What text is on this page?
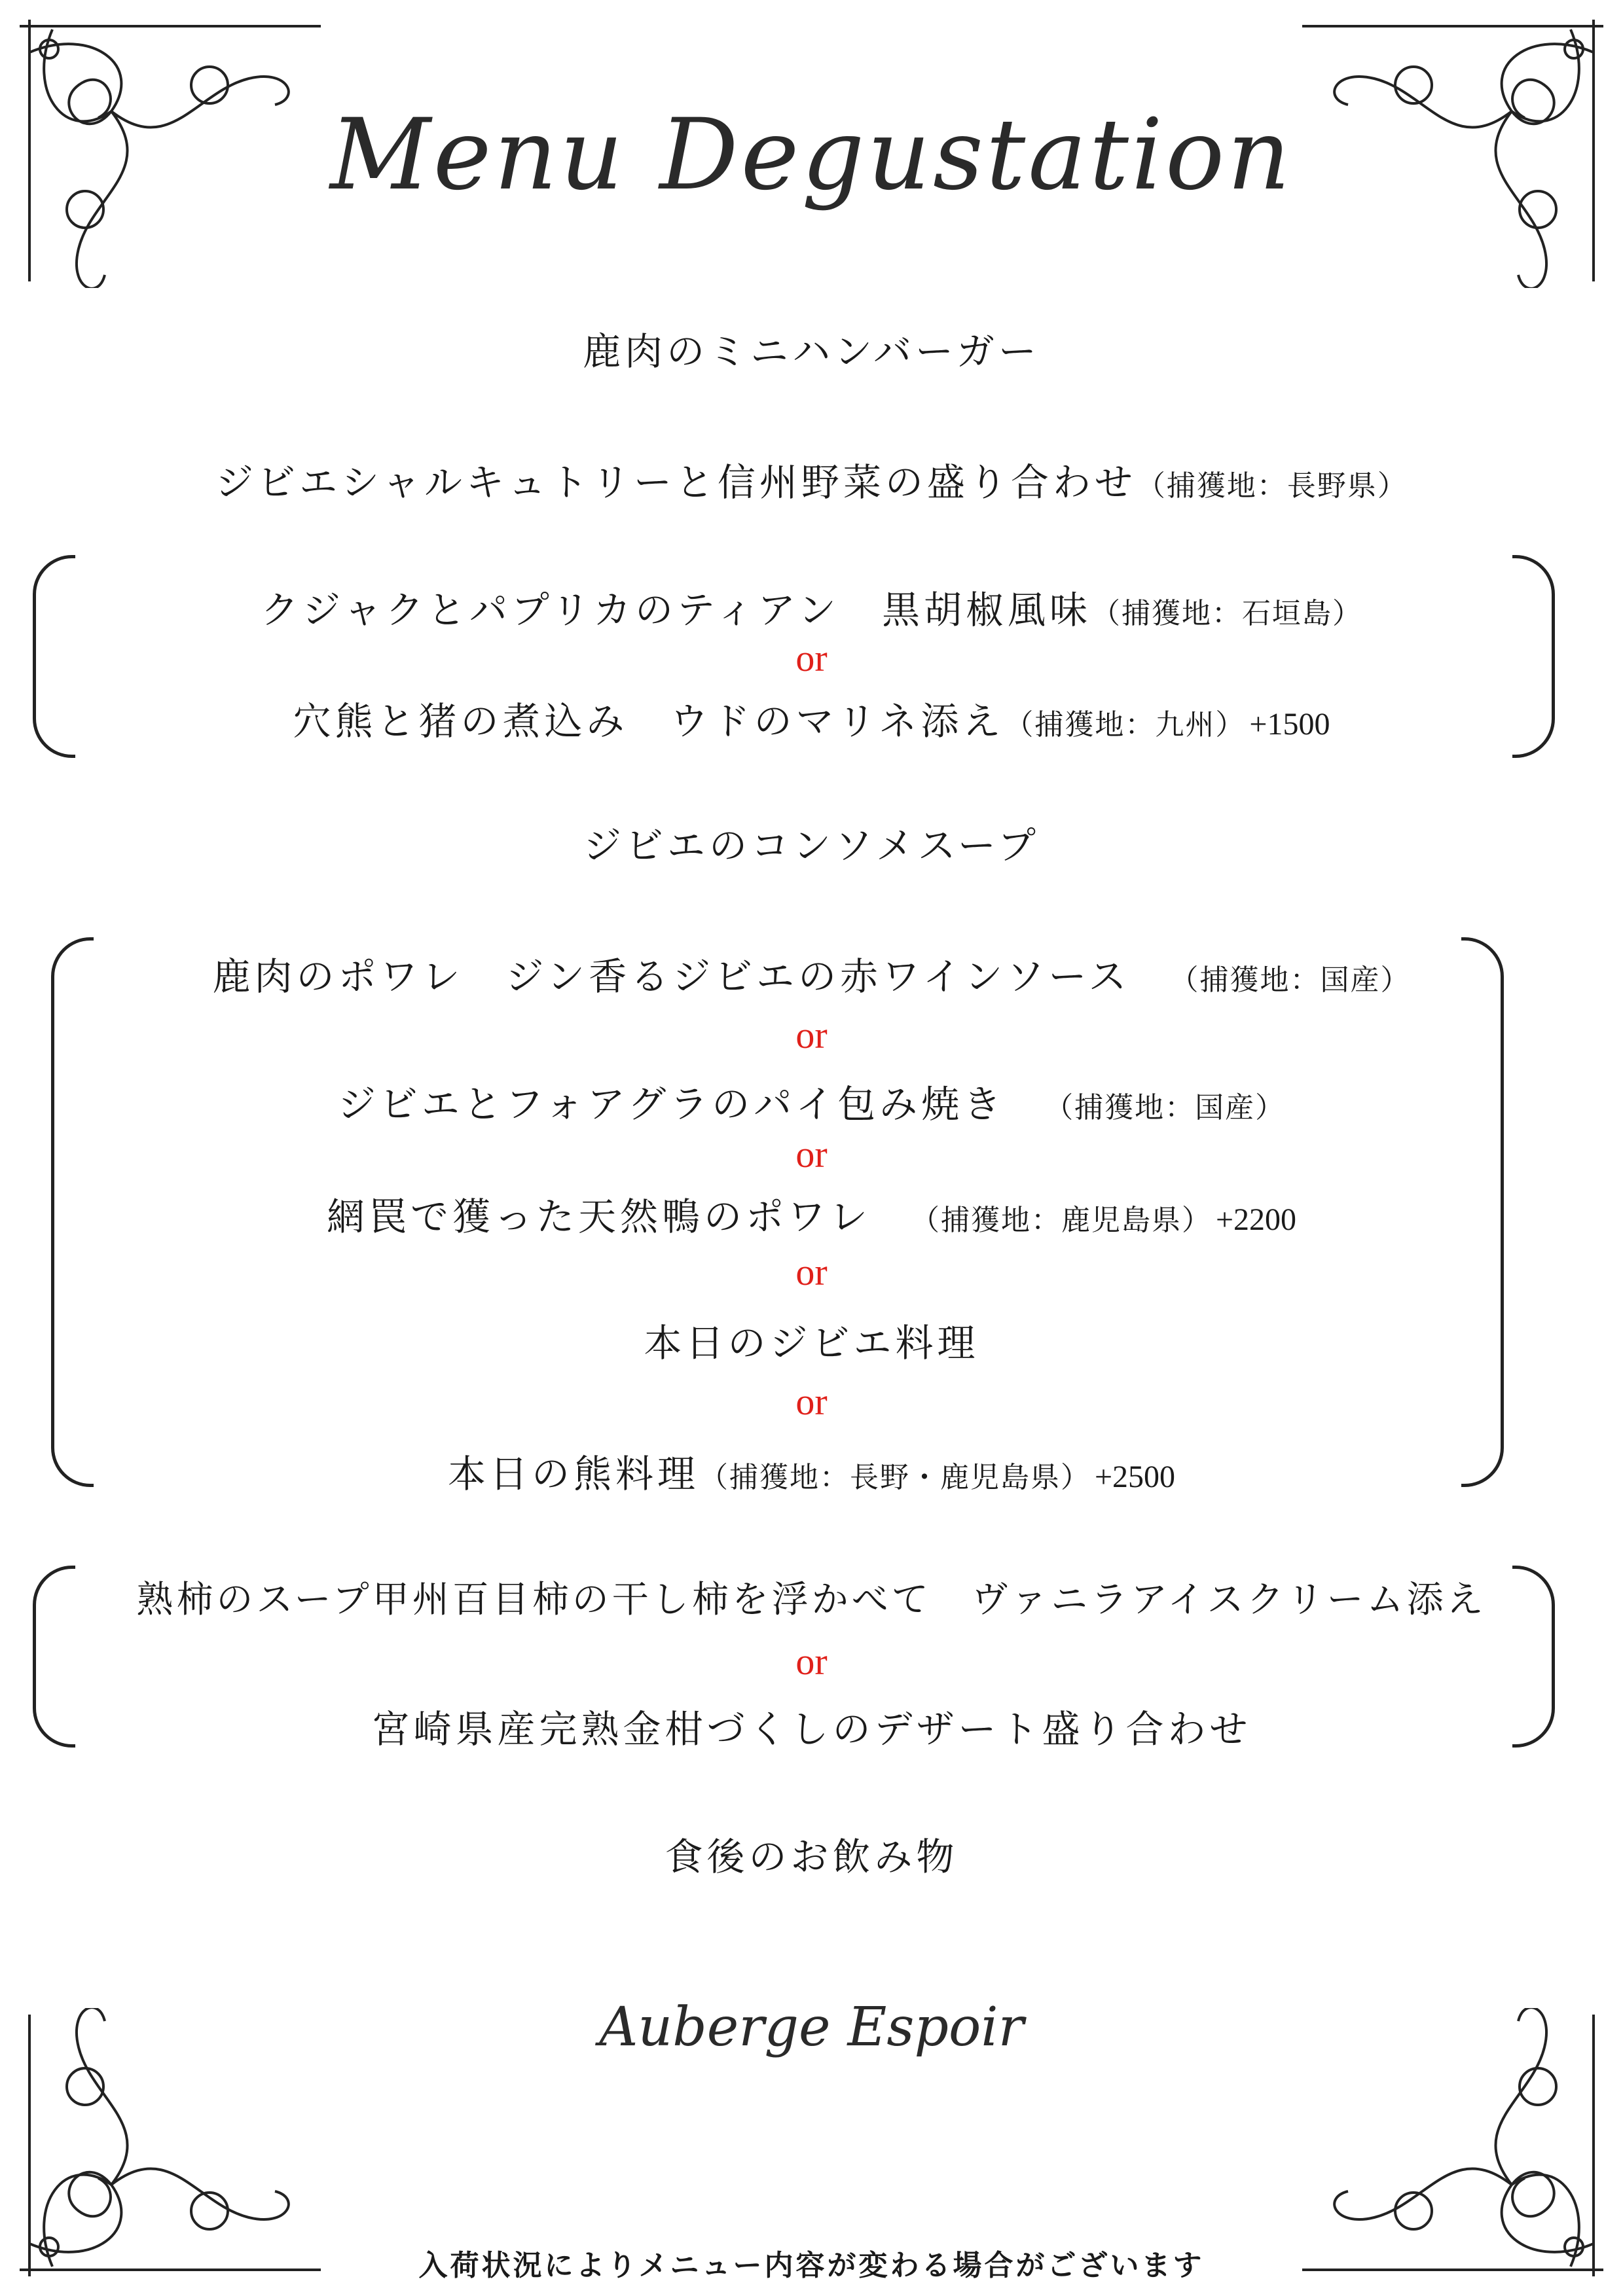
Menu Degustation
鹿肉のミニハンバーガー
ジビエシャルキュトリーと信州野菜の盛り合わせ（捕獲地：長野県）
クジャクとパプリカのティアン　黒胡椒風味（捕獲地：石垣島）
or
穴熊と猪の煮込み　ウドのマリネ添え（捕獲地：九州） +1500
ジビエのコンソメスープ
鹿肉のポワレ　ジン香るジビエの赤ワインソース （捕獲地：国産）
or
ジビエとフォアグラのパイ包み焼き （捕獲地：国産）
or
網罠で獲った天然鴨のポワレ （捕獲地：鹿児島県） +2200
or
本日のジビエ料理
or
本日の熊料理（捕獲地：長野・鹿児島県） +2500
熟柿のスープ甲州百目柿の干し柿を浮かべて　ヴァニラアイスクリーム添え
or
宮崎県産完熟金柑づくしのデザート盛り合わせ
食後のお飲み物
Auberge Espoir
入荷状況によりメニュー内容が変わる場合がございます
